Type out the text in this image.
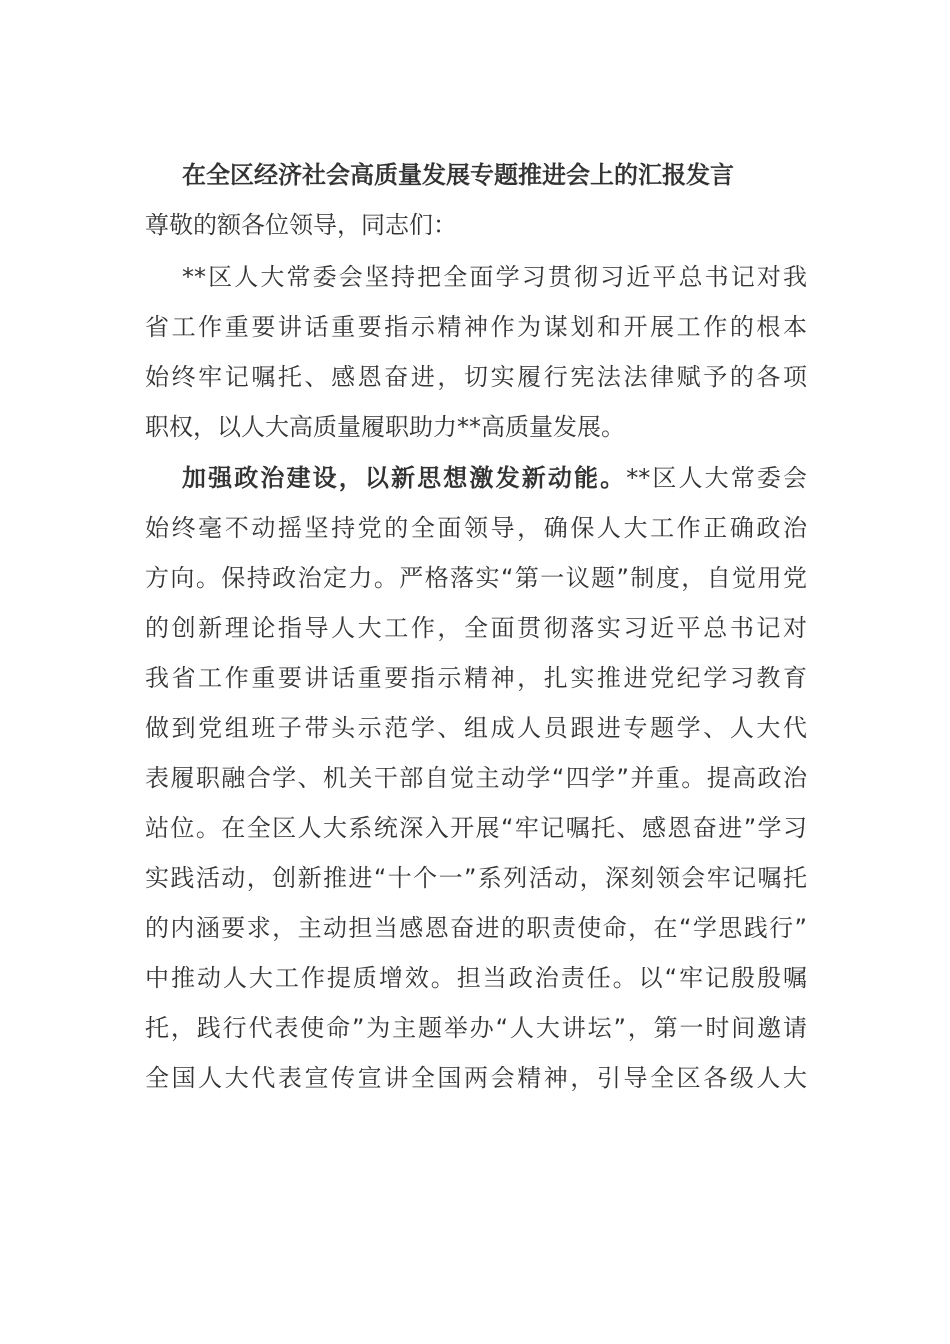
在全区经济社会高质量发展专题推进会上的汇报发言

尊敬的额各位领导，同志们：

**区人大常委会坚持把全面学习贯彻习近平总书记对我
省工作重要讲话重要指示精神作为谋划和开展工作的根本
始终牢记嘱托、感恩奋进，切实履行宪法法律赋予的各项
职权，以人大高质量履职助力**高质量发展。
加强政治建设，以新思想激发新动能。**区人大常委会
始终毫不动摇坚持党的全面领导，确保人大工作正确政治
方向。保持政治定力。严格落实“第一议题”制度，自觉用党
的创新理论指导人大工作，全面贯彻落实习近平总书记对
我省工作重要讲话重要指示精神，扎实推进党纪学习教育
做到党组班子带头示范学、组成人员跟进专题学、人大代
表履职融合学、机关干部自觉主动学“四学”并重。提高政治
站位。在全区人大系统深入开展“牢记嘱托、感恩奋进”学习
实践活动，创新推进“十个一”系列活动，深刻领会牢记嘱托
的内涵要求，主动担当感恩奋进的职责使命，在“学思践行”
中推动人大工作提质增效。担当政治责任。以“牢记殷殷嘱
托，践行代表使命”为主题举办“人大讲坛”，第一时间邀请
全国人大代表宣传宣讲全国两会精神，引导全区各级人大
